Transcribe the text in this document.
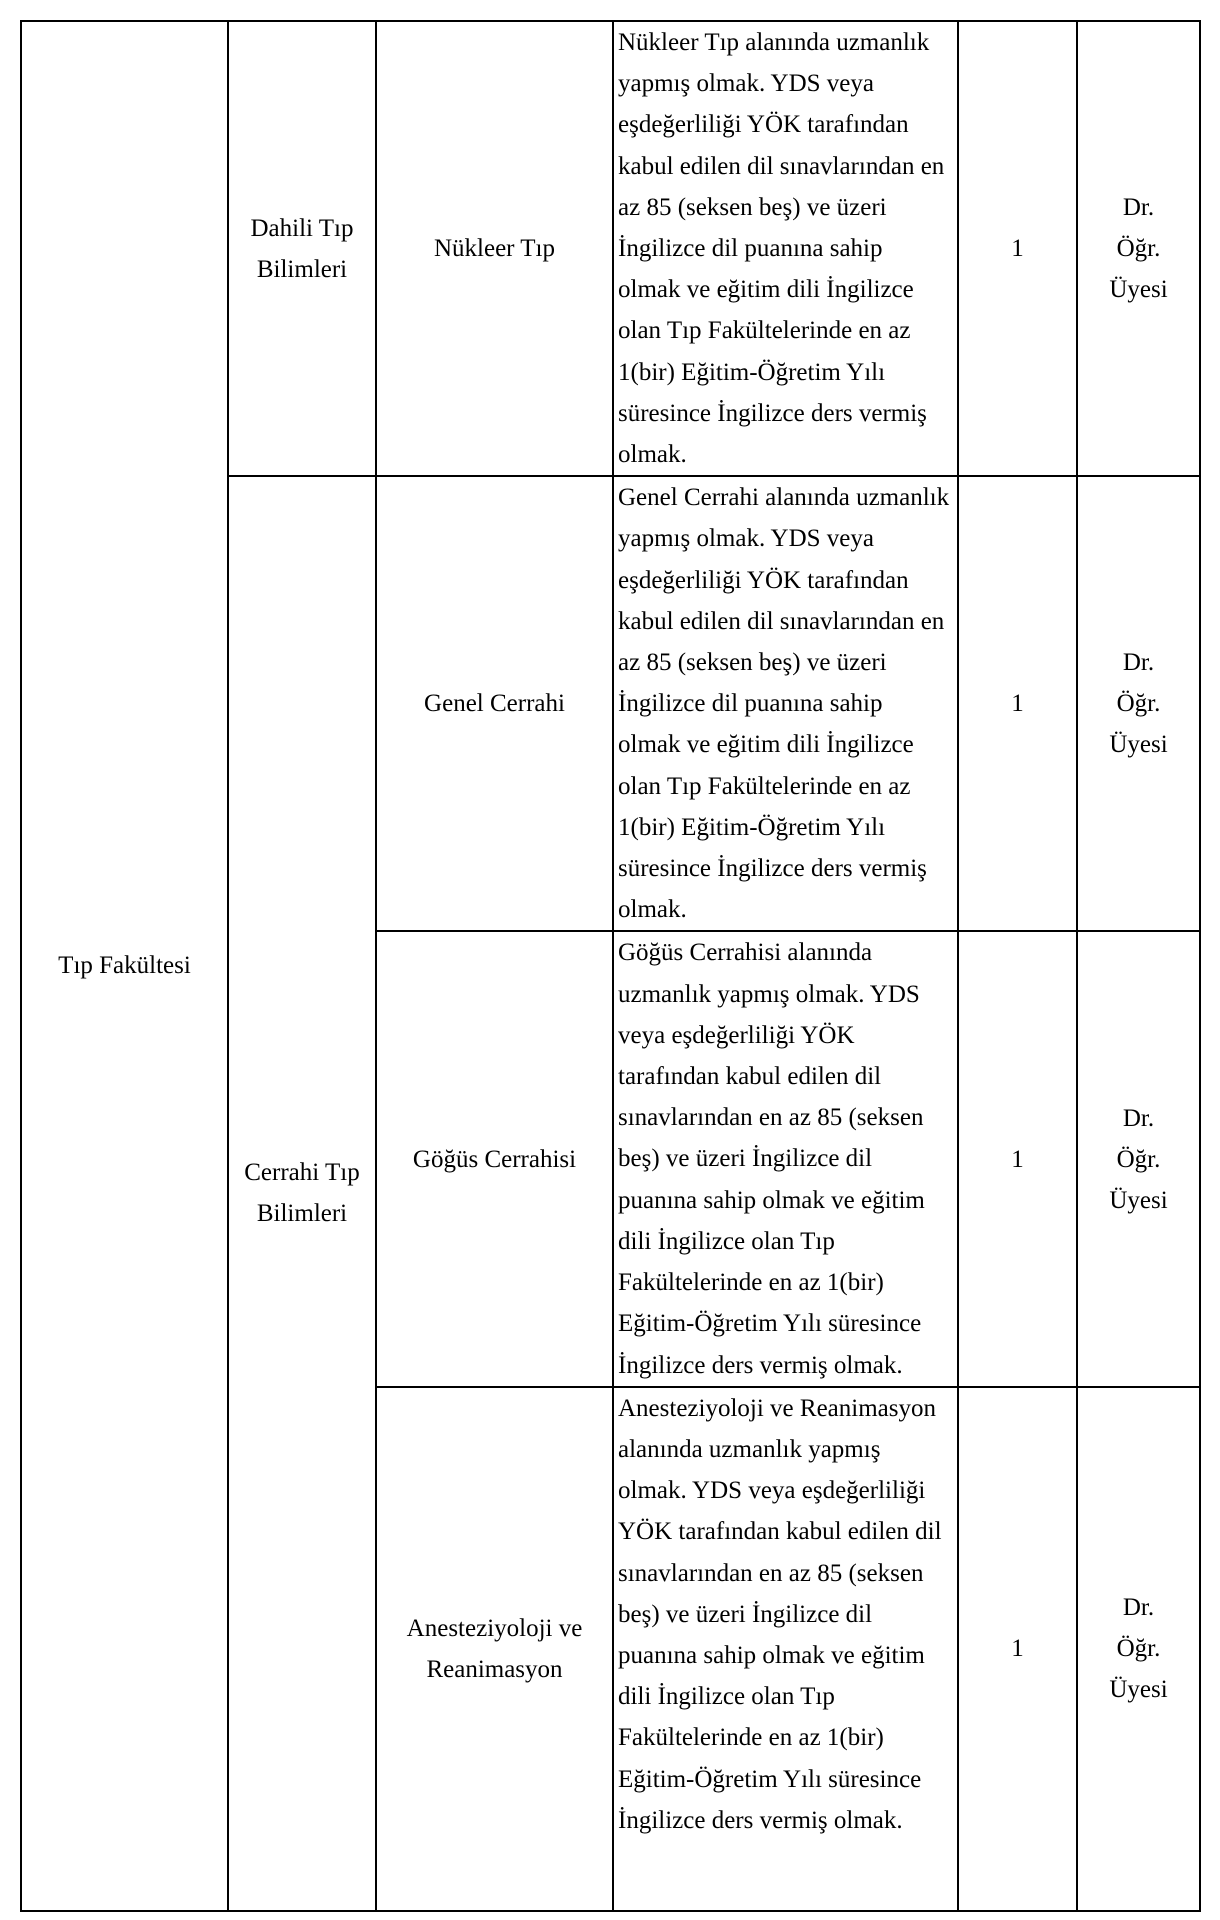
Tıp Fakültesi	Dahili Tıp Bilimleri	Nükleer Tıp	Nükleer Tıp alanında uzmanlık yapmış olmak. YDS veya eşdeğerliliği YÖK tarafından kabul edilen dil sınavlarından en az 85 (seksen beş) ve üzeri İngilizce dil puanına sahip olmak ve eğitim dili İngilizce olan Tıp Fakültelerinde en az 1(bir) Eğitim-Öğretim Yılı süresince İngilizce ders vermiş olmak.	1	Dr. Öğr. Üyesi
	Cerrahi Tıp Bilimleri	Genel Cerrahi	Genel Cerrahi alanında uzmanlık yapmış olmak. YDS veya eşdeğerliliği YÖK tarafından kabul edilen dil sınavlarından en az 85 (seksen beş) ve üzeri İngilizce dil puanına sahip olmak ve eğitim dili İngilizce olan Tıp Fakültelerinde en az 1(bir) Eğitim-Öğretim Yılı süresince İngilizce ders vermiş olmak.	1	Dr. Öğr. Üyesi
		Göğüs Cerrahisi	Göğüs Cerrahisi alanında uzmanlık yapmış olmak. YDS veya eşdeğerliliği YÖK tarafından kabul edilen dil sınavlarından en az 85 (seksen beş) ve üzeri İngilizce dil puanına sahip olmak ve eğitim dili İngilizce olan Tıp Fakültelerinde en az 1(bir) Eğitim-Öğretim Yılı süresince İngilizce ders vermiş olmak.	1	Dr. Öğr. Üyesi
		Anesteziyoloji ve Reanimasyon	Anesteziyoloji ve Reanimasyon alanında uzmanlık yapmış olmak. YDS veya eşdeğerliliği YÖK tarafından kabul edilen dil sınavlarından en az 85 (seksen beş) ve üzeri İngilizce dil puanına sahip olmak ve eğitim dili İngilizce olan Tıp Fakültelerinde en az 1(bir) Eğitim-Öğretim Yılı süresince İngilizce ders vermiş olmak.	1	Dr. Öğr. Üyesi
